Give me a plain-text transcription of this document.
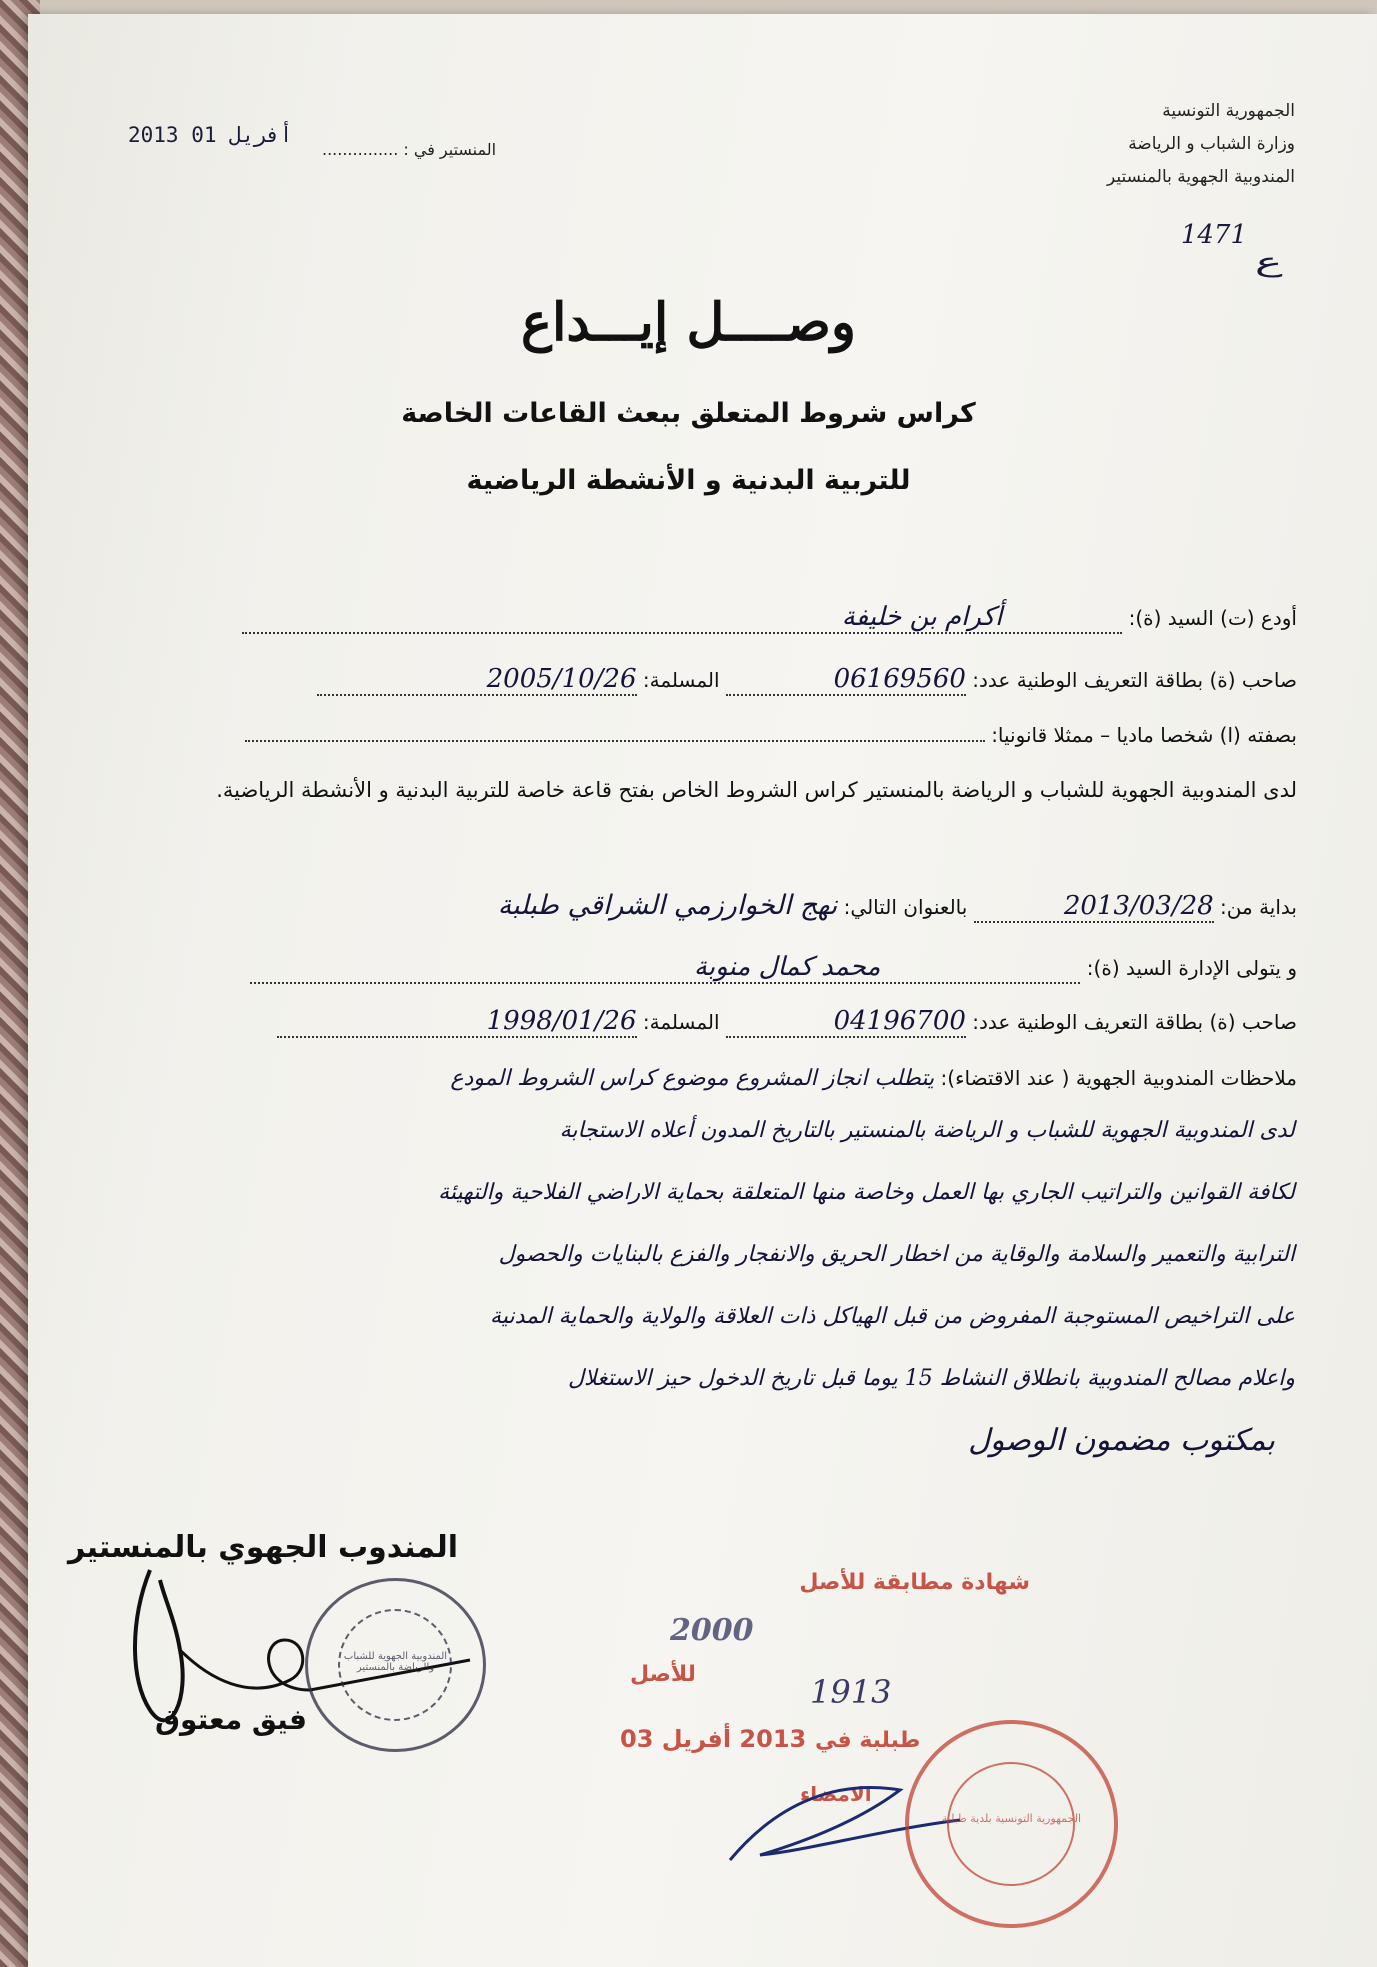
الجمهورية التونسية
وزارة الشباب و الرياضة
المندوبية الجهوية بالمنستير
1471
ع
2013 أفريل 01
المنستير في : ...............
وصــــل إيـــداع
كراس شروط المتعلق ببعث القاعات الخاصة
للتربية البدنية و الأنشطة الرياضية
أودع (ت) السيد (ة): أكرام بن خليفة
صاحب (ة) بطاقة التعريف الوطنية عدد: 06169560 المسلمة: 2005/10/26
بصفته (ا) شخصا ماديا – ممثلا قانونيا:
لدى المندوبية الجهوية للشباب و الرياضة بالمنستير كراس الشروط الخاص بفتح قاعة خاصة للتربية البدنية و الأنشطة الرياضية.
بداية من: 2013/03/28 بالعنوان التالي: نهج الخوارزمي الشراقي طبلبة
و يتولى الإدارة السيد (ة): محمد كمال منوبة
صاحب (ة) بطاقة التعريف الوطنية عدد: 04196700 المسلمة: 1998/01/26
ملاحظات المندوبية الجهوية ( عند الاقتضاء): يتطلب انجاز المشروع موضوع كراس الشروط المودع
لدى المندوبية الجهوية للشباب و الرياضة بالمنستير بالتاريخ المدون أعلاه الاستجابة
لكافة القوانين والتراتيب الجاري بها العمل وخاصة منها المتعلقة بحماية الاراضي الفلاحية والتهيئة
الترابية والتعمير والسلامة والوقاية من اخطار الحريق والانفجار والفزع بالبنايات والحصول
على التراخيص المستوجبة المفروض من قبل الهياكل ذات العلاقة والولاية والحماية المدنية
واعلام مصالح المندوبية بانطلاق النشاط 15 يوما قبل تاريخ الدخول حيز الاستغلال
بمكتوب مضمون الوصول
المندوب الجهوي بالمنستير
المندوبية الجهوية للشباب والرياضة بالمنستير
فيق معتوق
شهادة مطابقة للأصل
2000
للأصل	1913
2013 أفريل 03 طبلبة في
الامضاء
الجمهورية التونسية بلدية طبلبة
